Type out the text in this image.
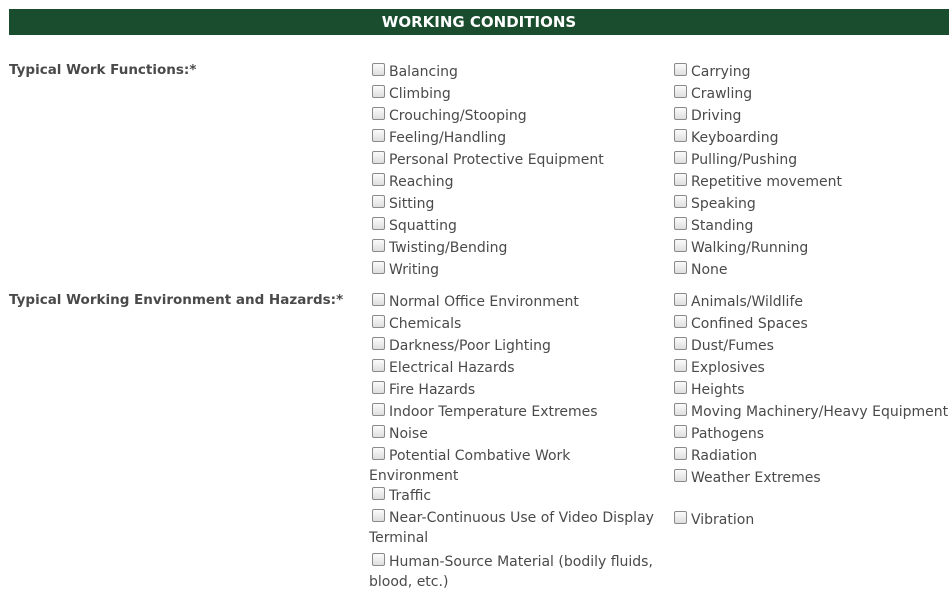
WORKING CONDITIONS
Typical Work Functions:*	Balancing
Climbing
Crouching/Stooping
Feeling/Handling
Personal Protective Equipment
Reaching
Sitting
Squatting
Twisting/Bending
Writing
Carrying
Crawling
Driving
Keyboarding
Pulling/Pushing
Repetitive movement
Speaking
Standing
Walking/Running
None
Typical Working Environment and Hazards:*	Normal Office Environment
Chemicals
Darkness/Poor Lighting
Electrical Hazards
Fire Hazards
Indoor Temperature Extremes
Noise
Potential Combative Work Environment
Traffic
Near-Continuous Use of Video Display Terminal
Human-Source Material (bodily fluids, blood, etc.)
Animals/Wildlife
Confined Spaces
Dust/Fumes
Explosives
Heights
Moving Machinery/Heavy Equipment
Pathogens
Radiation
Weather Extremes
Vibration
